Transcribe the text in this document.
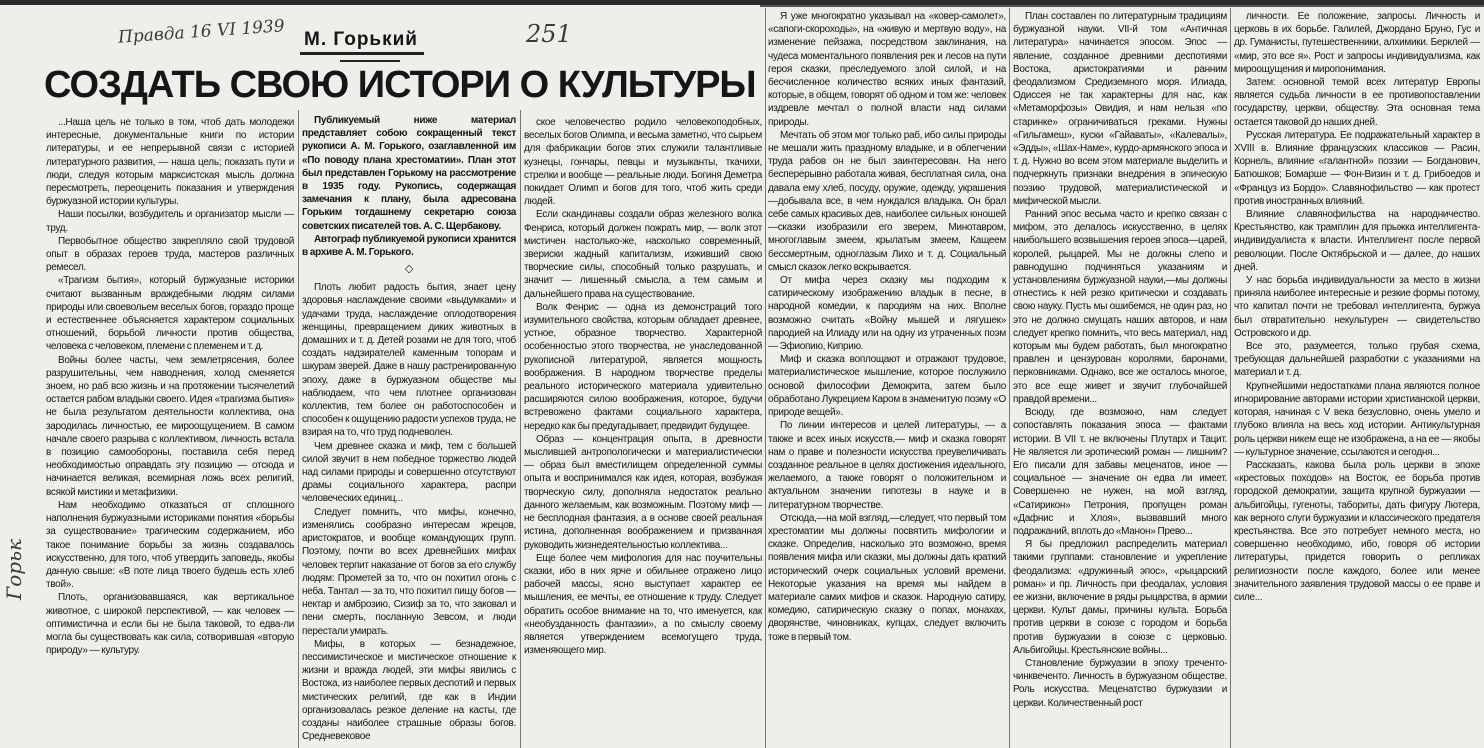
Правда 16 VI 1939	251
Горьк
М. Горький
СОЗДАТЬ СВОЮ ИСТОРИ О КУЛЬТУРЫ

...Наша цель не только в том, чтоб дать молодежи интересные, документальные книги по истории литературы, и ее непрерывной связи с историей литературного развития, — наша цель; показать пути и люди, следуя которым марксистская мысль должна пересмотреть, переоценить показания и утверждения буржуазной истории культуры.

Наши посылки, возбудитель и организатор мысли — труд.

Первобытное общество закрепляло свой трудовой опыт в образах героев труда, мастеров различных ремесел.

«Трагизм бытия», который буржуазные историки считают вызванным враждебными людям силами природы или своевольем веселых богов, гораздо проще и естественнее объясняется характером социальных отношений, борьбой личности против общества, человека с человеком, племени с племенем и т. д.

Войны более часты, чем землетрясения, более разрушительны, чем наводнения, холод сменяется зноем, но раб всю жизнь и на протяжении тысячелетий остается рабом владыки своего. Идея «трагизма бытия» не была результатом деятельности коллектива, она зародилась личностью, ее мироощущением. В самом начале своего разрыва с коллективом, личность встала в позицию самообороны, поставила себя перед необходимостью оправдать эту позицию — отсюда и начинается великая, всемирная ложь всех религий, всякой мистики и метафизики.

Нам необходимо отказаться от сплошного наполнения буржуазными историками понятия «борьбы за существование» трагическим содержанием, ибо такое понимание борьбы за жизнь создавалось искусственно, для того, чтоб утвердить заповедь, якобы данную свыше: «В поте лица твоего будешь есть хлеб твой».

Плоть, организовавшаяся, как вертикальное животное, с широкой перспективой, — как человек — оптимистична и если бы не была таковой, то едва-ли могла бы существовать как сила, сотворившая «вторую природу» — культуру.

Публикуемый ниже материал представляет собою сокращенный текст рукописи А. М. Горького, озаглавленной им «По поводу плана хрестоматии». План этот был представлен Горькому на рассмотрение в 1935 году. Рукопись, содержащая замечания к плану, была адресована Горьким тогдашнему секретарю союза советских писателей тов. А. С. Щербакову.

Автограф публикуемой рукописи хранится в архиве А. М. Горького.

◇

Плоть любит радость бытия, знает цену здоровья наслаждение своими «выдумками» и удачами труда, наслаждение оплодотворения женщины, превращением диких животных в домашних и т. д. Детей розами не для того, чтоб создать надзирателей каменным топорам и шкурам зверей. Даже в нашу растренированную эпоху, даже в буржуазном обществе мы наблюдаем, что чем плотнее организован коллектив, тем более он работоспособен и способен к ощущению радости успехов труда, не взирая на то, что труд подневолен.

Чем древнее сказка и миф, тем с большей силой звучит в нем победное торжество людей над силами природы и совершенно отсутствуют драмы социального характера, распри человеческих единиц...

Следует помнить, что мифы, конечно, изменялись сообразно интересам жрецов, аристократов, и вообще командующих групп. Поэтому, почти во всех древнейших мифах человек терпит наказание от богов за его службу людям: Прометей за то, что он похитил огонь с неба. Тантал — за то, что похитил пищу богов — нектар и амброзию, Сизиф за то, что заковал и пени смерть, посланную Зевсом, и люди перестали умирать.

Мифы, в которых — безнадежное, пессимистическое и мистическое отношение к жизни и вражда людей, эти мифы явились с Востока, из наиболее первых деспотий и первых мистических религий, где как в Индии организовалась резкое деление на касты, где созданы наиболее страшные образы богов. Средневековое

ское человечество родило человекоподобных, веселых богов Олимпа, и весьма заметно, что сырьем для фабрикации богов этих служили талантливые кузнецы, гончары, певцы и музыканты, ткачихи, стрелки и вообще — реальные люди. Богиня Деметра покидает Олимп и богов для того, чтоб жить среди людей.

Если скандинавы создали образ железного волка Фенриса, который должен пожрать мир, — волк этот мистичен настолько-же, насколько современный, звериски жадный капитализм, изживший свою творческие силы, способный только разрушать, и значит — лишенный смысла, а тем самым и дальнейшего права на существование.

Волк Фенрис — одна из демонстраций того изумительного свойства, которым обладает древнее, устное, образное творчество. Характерной особенностью этого творчества, не унаследованной рукописной литературой, является мощность воображения. В народном творчестве пределы реального исторического материала удивительно расширяются силою воображения, которое, будучи встревожено фактами социального характера, нередко как бы предугадывает, предвидит будущее.

Образ — концентрация опыта, в древности мыслившей антропологически и материалистически — образ был вместилищем определенной суммы опыта и воспринимался как идея, которая, возбужая творческую силу, дополняла недостаток реально данного желаемым, как возможным. Поэтому миф — не бесплодная фантазия, а в основе своей реальная истина, дополненная воображением и призванная руководить жизнедеятельностью коллектива...

Еще более чем мифология для нас поучительны сказки, ибо в них ярче и обильнее отражено лицо рабочей массы, ясно выступает характер ее мышления, ее мечты, ее отношение к труду. Следует обратить особое внимание на то, что именуется, как «необузданность фантазии», а по смыслу своему является утверждением всемогущего труда, изменяющего мир.

Я уже многократно указывал на «ковер-самолет», «сапоги-скороходы», на «живую и мертвую воду», на изменение пейзажа, посредством заклинания, на чудеса моментального появления рек и лесов на пути героя сказки, преследуемого злой силой, и на бесчисленное количество всяких иных фантазий, которые, в общем, говорят об одном и том же: человек издревле мечтал о полной власти над силами природы.

Мечтать об этом мог только раб, ибо силы природы не мешали жить праздному владыке, и в облегчении труда рабов он не был заинтересован. На него бесперерывно работала живая, бесплатная сила, она давала ему хлеб, посуду, оружие, одежду, украшения—добывала все, в чем нуждался владыка. Он брал себе самых красивых дев, наиболее сильных юношей—сказки изобразили его зверем, Минотавром, многоглавым змеем, крылатым змеем, Кащеем бессмертным, одноглазым Лихо и т. д. Социальный смысл сказок легко вскрывается.

От мифа через сказку мы подходим к сатирическому изображению владык в песне, в народной комедии, к пародиям на них. Вполне возможно считать «Войну мышей и лягушек» пародией на Илиаду или на одну из утраченных поэм — Эфиопию, Киприю.

Миф и сказка воплощают и отражают трудовое, материалистическое мышление, которое послужило основой философии Демокрита, затем было обработано Лукрецием Каром в знаменитую поэму «О природе вещей».

По линии интересов и целей литературы, — а также и всех иных искусств,— миф и сказка говорят нам о праве и полезности искусства преувеличивать созданное реальное в целях достижения идеального, желаемого, а также говорят о положительном и актуальном значении гипотезы в науке и в литературном творчестве.

Отсюда,—на мой взгляд,—следует, что первый том хрестоматии мы должны посвятить мифологии и сказке. Определив, насколько это возможно, время появления мифа или сказки, мы должны дать краткий исторический очерк социальных условий времени. Некоторые указания на время мы найдем в материале самих мифов и сказок. Народную сатиру, комедию, сатирическую сказку о попах, монахах, дворянстве, чиновниках, купцах, следует включить тоже в первый том.

План составлен по литературным традициям буржуазной науки. VII-й том «Античная литература» начинается эпосом. Эпос — явление, созданное древними деспотиями Востока, аристократиями и ранним феодализмом Средиземного моря. Илиада, Одиссея не так характерны для нас, как «Метаморфозы» Овидия, и нам нельзя «по старинке» ограничиваться греками. Нужны «Гильгамеш», куски «Гайаваты», «Калевалы», «Эдды», «Шах-Наме», курдо-армянского эпоса и т. д. Нужно во всем этом материале выделить и подчеркнуть признаки внедрения в эпическую поэзию трудовой, материалистической и мифической мысли.

Ранний эпос весьма часто и крепко связан с мифом, это делалось искусственно, в целях наибольшего возвышения героев эпоса—царей, королей, рыцарей. Мы не должны слепо и равнодушно подчиняться указаниям и установлениям буржуазной науки,—мы должны отнестись к ней резко критически и создавать свою науку. Пусть мы ошибемся, не один раз, но это не должно смущать наших авторов, и нам следует крепко помнить, что весь материал, над которым мы будем работать, был многократно правлен и цензурован королями, баронами, перковниками. Однако, все же осталось многое, это все еще живет и звучит глубочайшей правдой времени...

Всюду, где возможно, нам следует сопоставлять показания эпоса — фактами истории. В VII т. не включены Плутарх и Тацит. Не является ли эротический роман — лишним? Его писали для забавы меценатов, иное — социальное — значение он едва ли имеет. Совершенно не нужен, на мой взгляд, «Сатирикон» Петрония, пропущен роман «Дафнис и Хлоя», вызвавший много подражаний, вплоть до «Манон» Прево...

Я бы предложил распределить материал такими группами: становление и укрепление феодализма: «дружинный эпос», «рыцарский роман» и пр. Личность при феодалах, условия ее жизни, включение в ряды рыцарства, в армии церкви. Культ дамы, причины культа. Борьба против церкви в союзе с городом и борьба против буржуазии в союзе с церковью. Альбигойцы. Крестьянские войны...

Становление буржуазии в эпоху треченто-чинквеченто. Личность в буржуазном обществе. Роль искусства. Меценатство буржуазии и церкви. Количественный рост

личности. Ее положение, запросы. Личность и церковь в их борьбе. Галилей, Джордано Бруно, Гус и др. Гуманисты, путешественники, алхимики. Берклей — «мир, это все я». Рост и запросы индивидуализма, как мироощущения и миропонимания.

Затем: основной темой всех литератур Европы является судьба личности в ее противопоставлении государству, церкви, обществу. Эта основная тема остается таковой до наших дней.

Русская литература. Ее подражательный характер в XVIII в. Влияние французских классиков — Расин, Корнель, влияние «галантной» поэзии — Богданович, Батюшков; Бомарше — Фон-Визин и т. д. Грибоедов и «Француз из Бордо». Славянофильство — как протест против иностранных влияний.

Влияние славянофильства на народничество. Крестьянство, как трамплин для прыжка интеллигента-индивидуалиста к власти. Интеллигент после первой революции. После Октябрьской и — далее, до наших дней.

У нас борьба индивидуальности за место в жизни приняла наиболее интересные и резкие формы потому, что капитал почти не требовал интеллигента, буржуа был отвратительно некультурен — свидетельство Островского и др.

Все это, разумеется, только грубая схема, требующая дальнейшей разработки с указаниями на материал и т. д.

Крупнейшими недостатками плана являются полное игнорирование авторами истории христианской церкви, которая, начиная с V века безусловно, очень умело и глубоко влияла на весь ход истории. Антикультурная роль церкви никем еще не изображена, а на ее — якобы — культурное значение, ссылаются и сегодня...

Рассказать, какова была роль церкви в эпохе «крестовых походов» на Восток, ее борьба против городской демократии, защита крупной буржуазии — альбигойцы, гугеноты, табориты, дать фигуру Лютера, как верного слуги буржуазии и классического предателя крестьянства. Все это потребует немного места, но совершенно необходимо, ибо, говоря об истории литературы, придется говорить о репликах религиозности после каждого, более или менее значительного заявления трудовой массы о ее праве и силе...
